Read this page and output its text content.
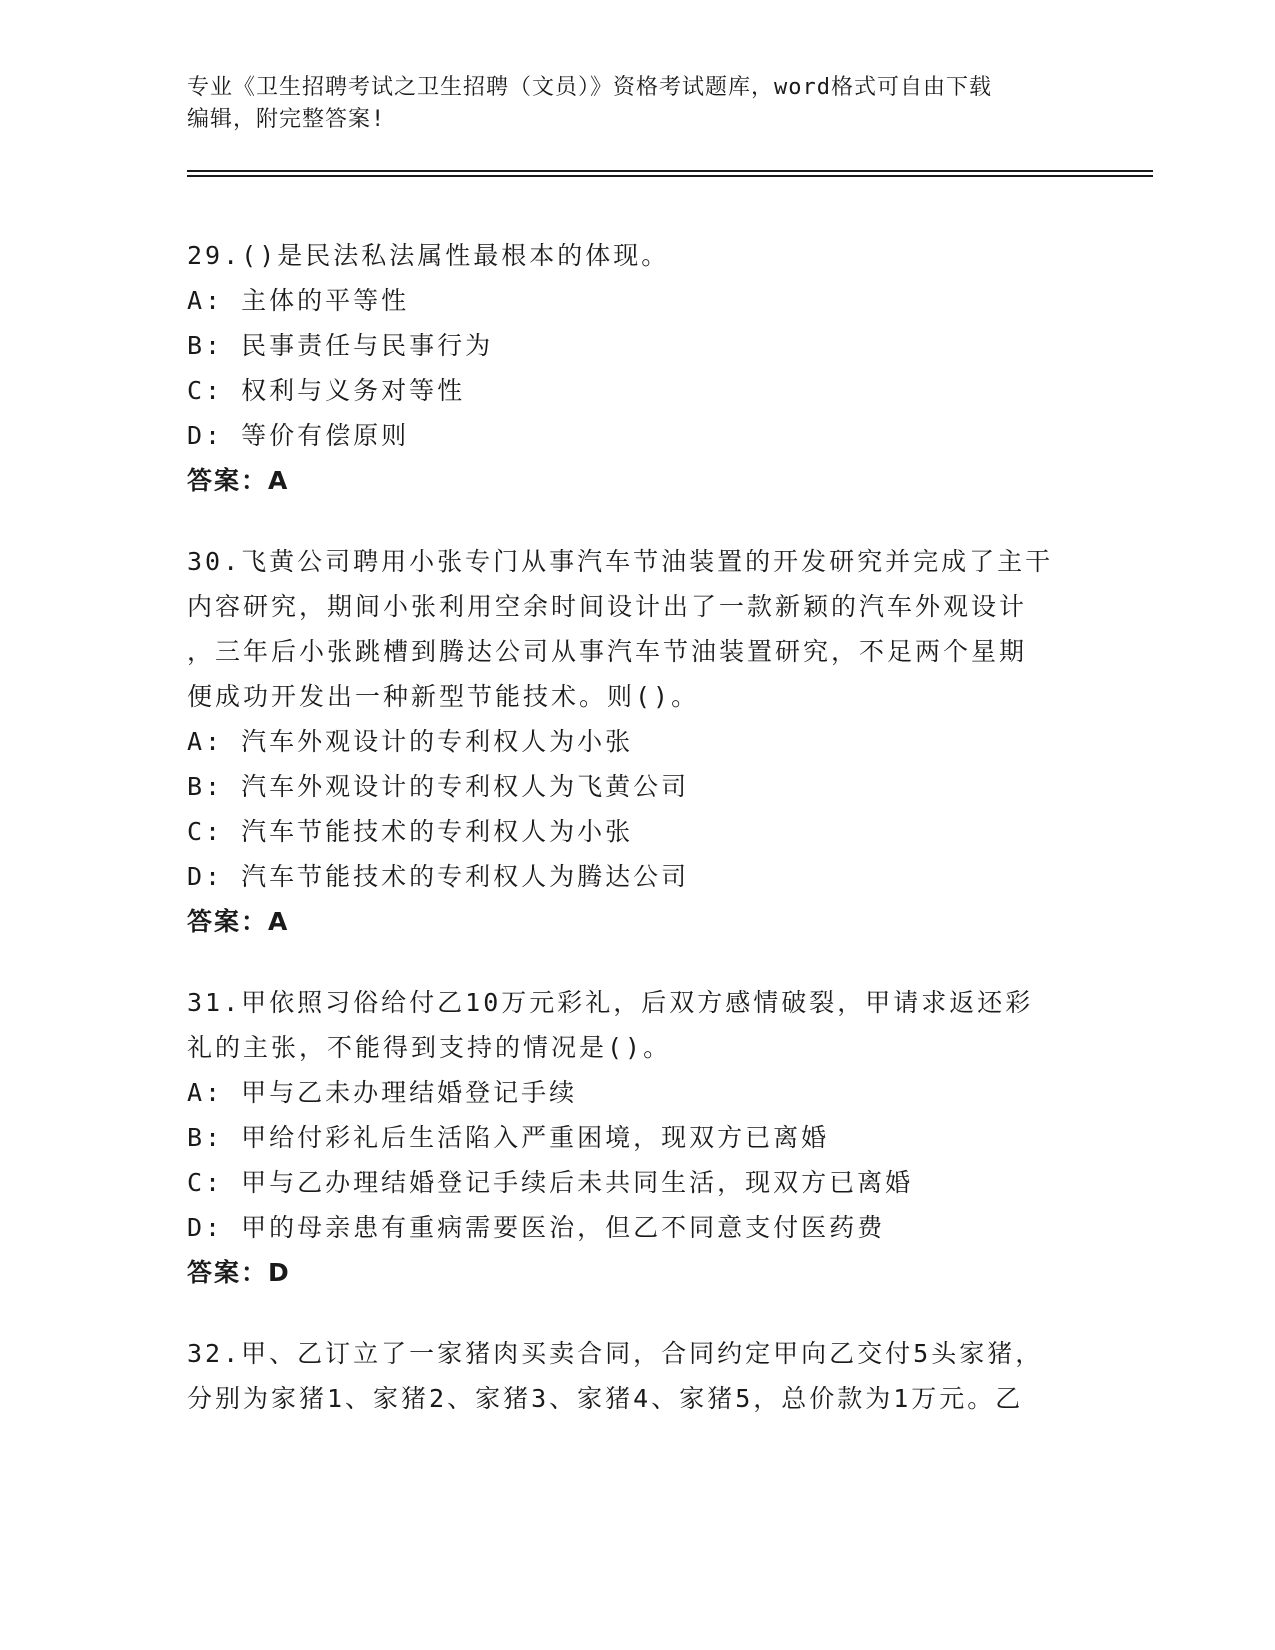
专业《卫生招聘考试之卫生招聘（文员）》资格考试题库，word格式可自由下载
编辑，附完整答案!

29.()是民法私法属性最根本的体现。

A: 主体的平等性

B: 民事责任与民事行为

C: 权利与义务对等性

D: 等价有偿原则

答案：A

30.飞黄公司聘用小张专门从事汽车节油装置的开发研究并完成了主干

内容研究，期间小张利用空余时间设计出了一款新颖的汽车外观设计

，三年后小张跳槽到腾达公司从事汽车节油装置研究，不足两个星期

便成功开发出一种新型节能技术。则()。

A: 汽车外观设计的专利权人为小张

B: 汽车外观设计的专利权人为飞黄公司

C: 汽车节能技术的专利权人为小张

D: 汽车节能技术的专利权人为腾达公司

答案：A

31.甲依照习俗给付乙10万元彩礼，后双方感情破裂，甲请求返还彩

礼的主张，不能得到支持的情况是()。

A: 甲与乙未办理结婚登记手续

B: 甲给付彩礼后生活陷入严重困境，现双方已离婚

C: 甲与乙办理结婚登记手续后未共同生活，现双方已离婚

D: 甲的母亲患有重病需要医治，但乙不同意支付医药费

答案：D

32.甲、乙订立了一家猪肉买卖合同，合同约定甲向乙交付5头家猪，

分别为家猪1、家猪2、家猪3、家猪4、家猪5，总价款为1万元。乙
